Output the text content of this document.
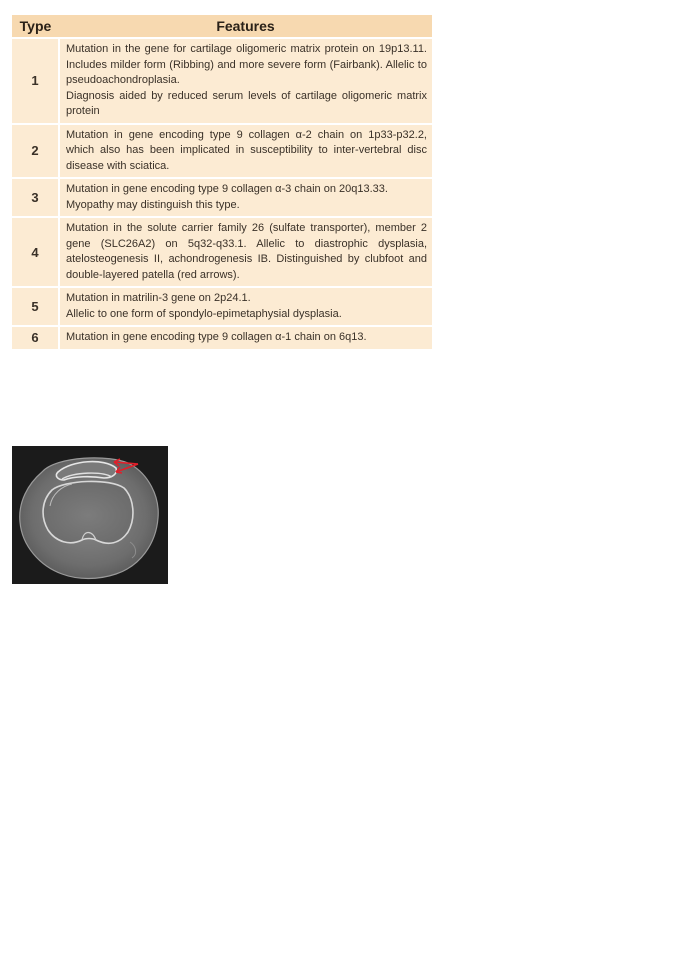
Type	Features
1	Mutation in the gene for cartilage oligomeric matrix protein on 19p13.11. Includes milder form (Ribbing) and more severe form (Fairbank). Allelic to pseudoachondroplasia.
Diagnosis aided by reduced serum levels of cartilage oligomeric matrix protein

2	Mutation in gene encoding type 9 collagen α-2 chain on 1p33-p32.2, which also has been implicated in susceptibility to inter-vertebral disc disease with sciatica.

3	Mutation in gene encoding type 9 collagen α-3 chain on 20q13.33.
Myopathy may distinguish this type.

4	Mutation in the solute carrier family 26 (sulfate transporter), member 2 gene (SLC26A2) on 5q32-q33.1. Allelic to diastrophic dysplasia, atelosteogenesis II, achondrogenesis IB. Distinguished by clubfoot and double-layered patella (red arrows).

5	Mutation in matrilin-3 gene on 2p24.1.
Allelic to one form of spondylo-epimetaphysial dysplasia.

6	Mutation in gene encoding type 9 collagen α-1 chain on 6q13.
